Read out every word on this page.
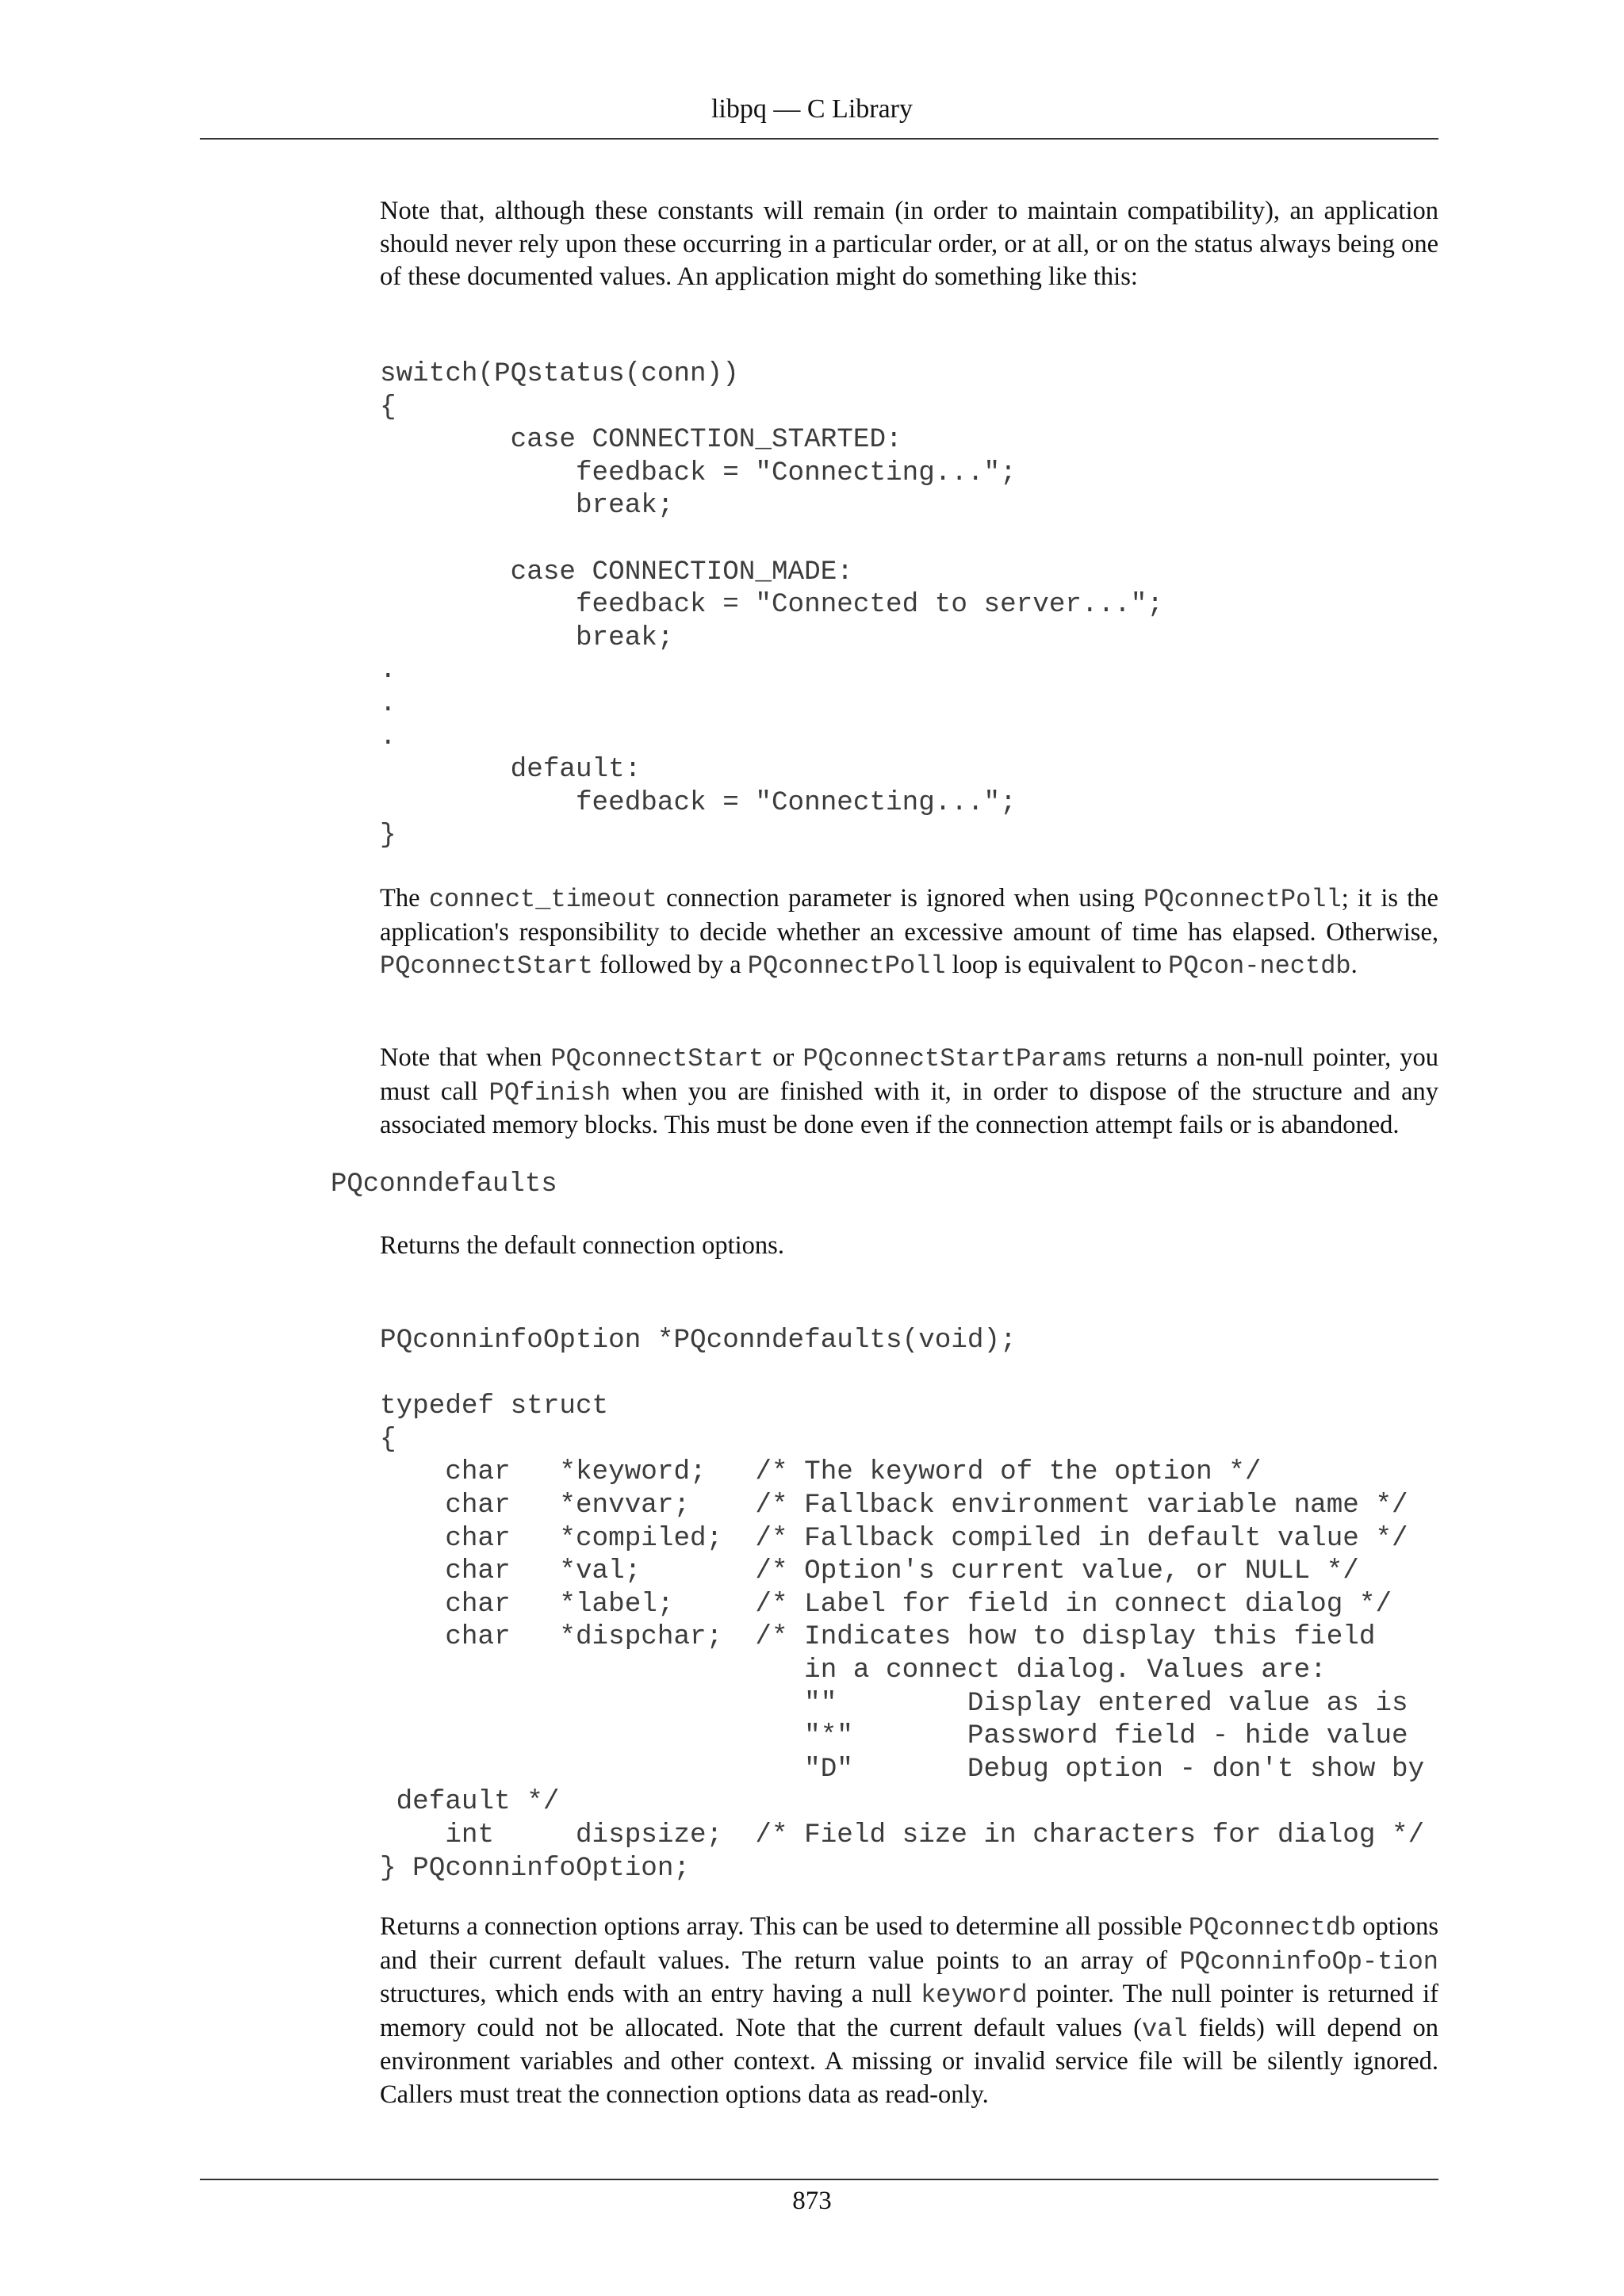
libpq — C Library

Note that, although these constants will remain (in order to maintain compatibility), an application should never rely upon these occurring in a particular order, or at all, or on the status always being one of these documented values. An application might do something like this:

switch(PQstatus(conn))
{
case CONNECTION_STARTED:
feedback = "Connecting...";
break;

case CONNECTION_MADE:
feedback = "Connected to server...";
break;
.
.
.
default:
feedback = "Connecting...";
}

The connect_timeout connection parameter is ignored when using PQconnectPoll; it is the application's responsibility to decide whether an excessive amount of time has elapsed. Otherwise, PQconnectStart followed by a PQconnectPoll loop is equivalent to PQcon-nectdb.

Note that when PQconnectStart or PQconnectStartParams returns a non-null pointer, you must call PQfinish when you are finished with it, in order to dispose of the structure and any associated memory blocks. This must be done even if the connection attempt fails or is abandoned.

PQconndefaults

Returns the default connection options.

PQconninfoOption *PQconndefaults(void);

typedef struct
{
char   *keyword;   /* The keyword of the option */
char   *envvar;    /* Fallback environment variable name */
char   *compiled;  /* Fallback compiled in default value */
char   *val;       /* Option's current value, or NULL */
char   *label;     /* Label for field in connect dialog */
char   *dispchar;  /* Indicates how to display this field
in a connect dialog. Values are:
""        Display entered value as is
"*"       Password field - hide value
"D"       Debug option - don't show by
default */
int     dispsize;  /* Field size in characters for dialog */
} PQconninfoOption;

Returns a connection options array. This can be used to determine all possible PQconnectdb options and their current default values. The return value points to an array of PQconninfoOp-tion structures, which ends with an entry having a null keyword pointer. The null pointer is returned if memory could not be allocated. Note that the current default values (val fields) will depend on environment variables and other context. A missing or invalid service file will be silently ignored. Callers must treat the connection options data as read-only.

873
